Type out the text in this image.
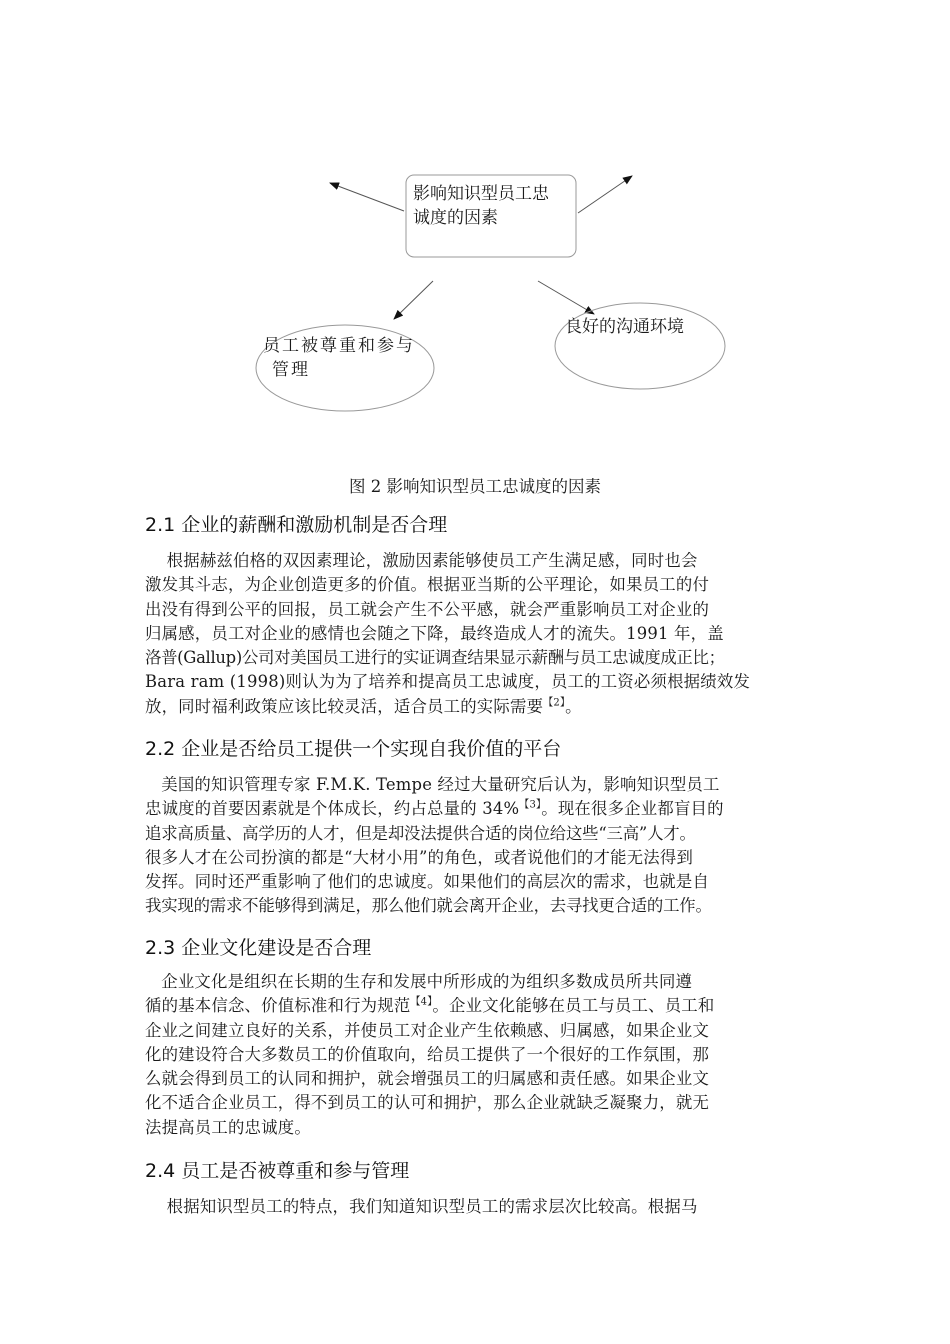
影响知识型员工忠
诚度的因素
员工被尊重和参与
管理
良好的沟通环境
图 2 影响知识型员工忠诚度的因素
2.1 企业的薪酬和激励机制是否合理
根据赫兹伯格的双因素理论，激励因素能够使员工产生满足感，同时也会
激发其斗志，为企业创造更多的价值。根据亚当斯的公平理论，如果员工的付
出没有得到公平的回报，员工就会产生不公平感，就会严重影响员工对企业的
归属感，员工对企业的感情也会随之下降，最终造成人才的流失。1991 年，盖
洛普(Gallup)公司对美国员工进行的实证调查结果显示薪酬与员工忠诚度成正比；
Bara ram (1998)则认为为了培养和提高员工忠诚度，员工的工资必须根据绩效发
放，同时福利政策应该比较灵活，适合员工的实际需要$^{【2】}$。
2.2 企业是否给员工提供一个实现自我价值的平台
美国的知识管理专家 F.M.K. Tempe 经过大量研究后认为，影响知识型员工
忠诚度的首要因素就是个体成长，约占总量的 34%$^{【3】}$。现在很多企业都盲目的
追求高质量、高学历的人才，但是却没法提供合适的岗位给这些“三高”人才。
很多人才在公司扮演的都是“大材小用”的角色，或者说他们的才能无法得到
发挥。同时还严重影响了他们的忠诚度。如果他们的高层次的需求，也就是自
我实现的需求不能够得到满足，那么他们就会离开企业，去寻找更合适的工作。
2.3 企业文化建设是否合理
企业文化是组织在长期的生存和发展中所形成的为组织多数成员所共同遵
循的基本信念、价值标准和行为规范$^{【4】}$。企业文化能够在员工与员工、员工和
企业之间建立良好的关系，并使员工对企业产生依赖感、归属感，如果企业文
化的建设符合大多数员工的价值取向，给员工提供了一个很好的工作氛围，那
么就会得到员工的认同和拥护，就会增强员工的归属感和责任感。如果企业文
化不适合企业员工，得不到员工的认可和拥护，那么企业就缺乏凝聚力，就无
法提高员工的忠诚度。
2.4 员工是否被尊重和参与管理
根据知识型员工的特点，我们知道知识型员工的需求层次比较高。根据马
